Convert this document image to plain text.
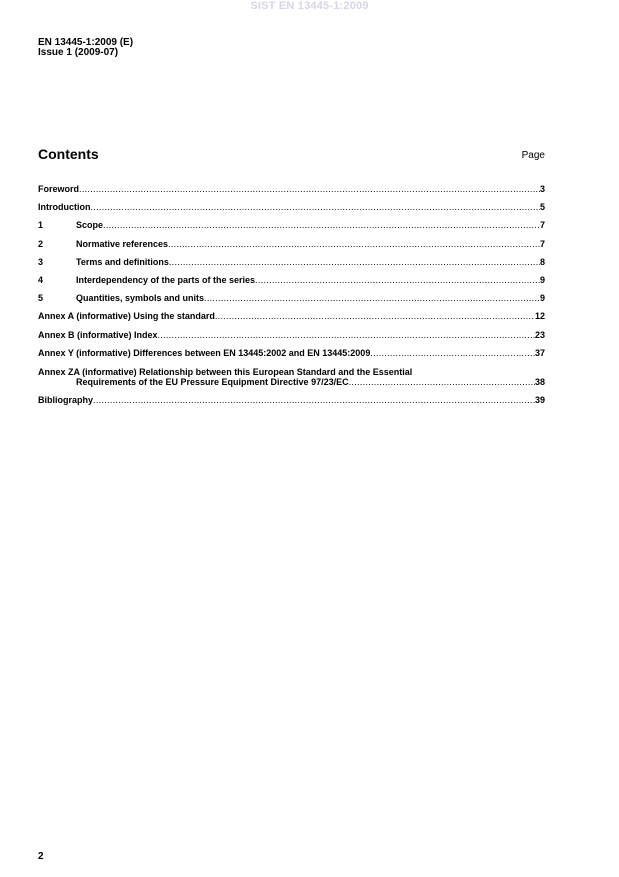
SIST EN 13445-1:2009
EN 13445-1:2009 (E)
Issue 1 (2009-07)
Contents	Page
Foreword .....	3
Introduction .....	5
1	Scope .....	7
2	Normative references .....	7
3	Terms and definitions .....	8
4	Interdependency of the parts of the series .....	9
5	Quantities, symbols and units .....	9
Annex A (informative) Using the standard .....	12
Annex B (informative) Index .....	23
Annex Y (informative) Differences between EN 13445:2002 and EN 13445:2009 .....	37
Annex ZA (informative) Relationship between this European Standard and the Essential
Requirements of the EU Pressure Equipment Directive 97/23/EC .....	38
Bibliography .....	39
2
